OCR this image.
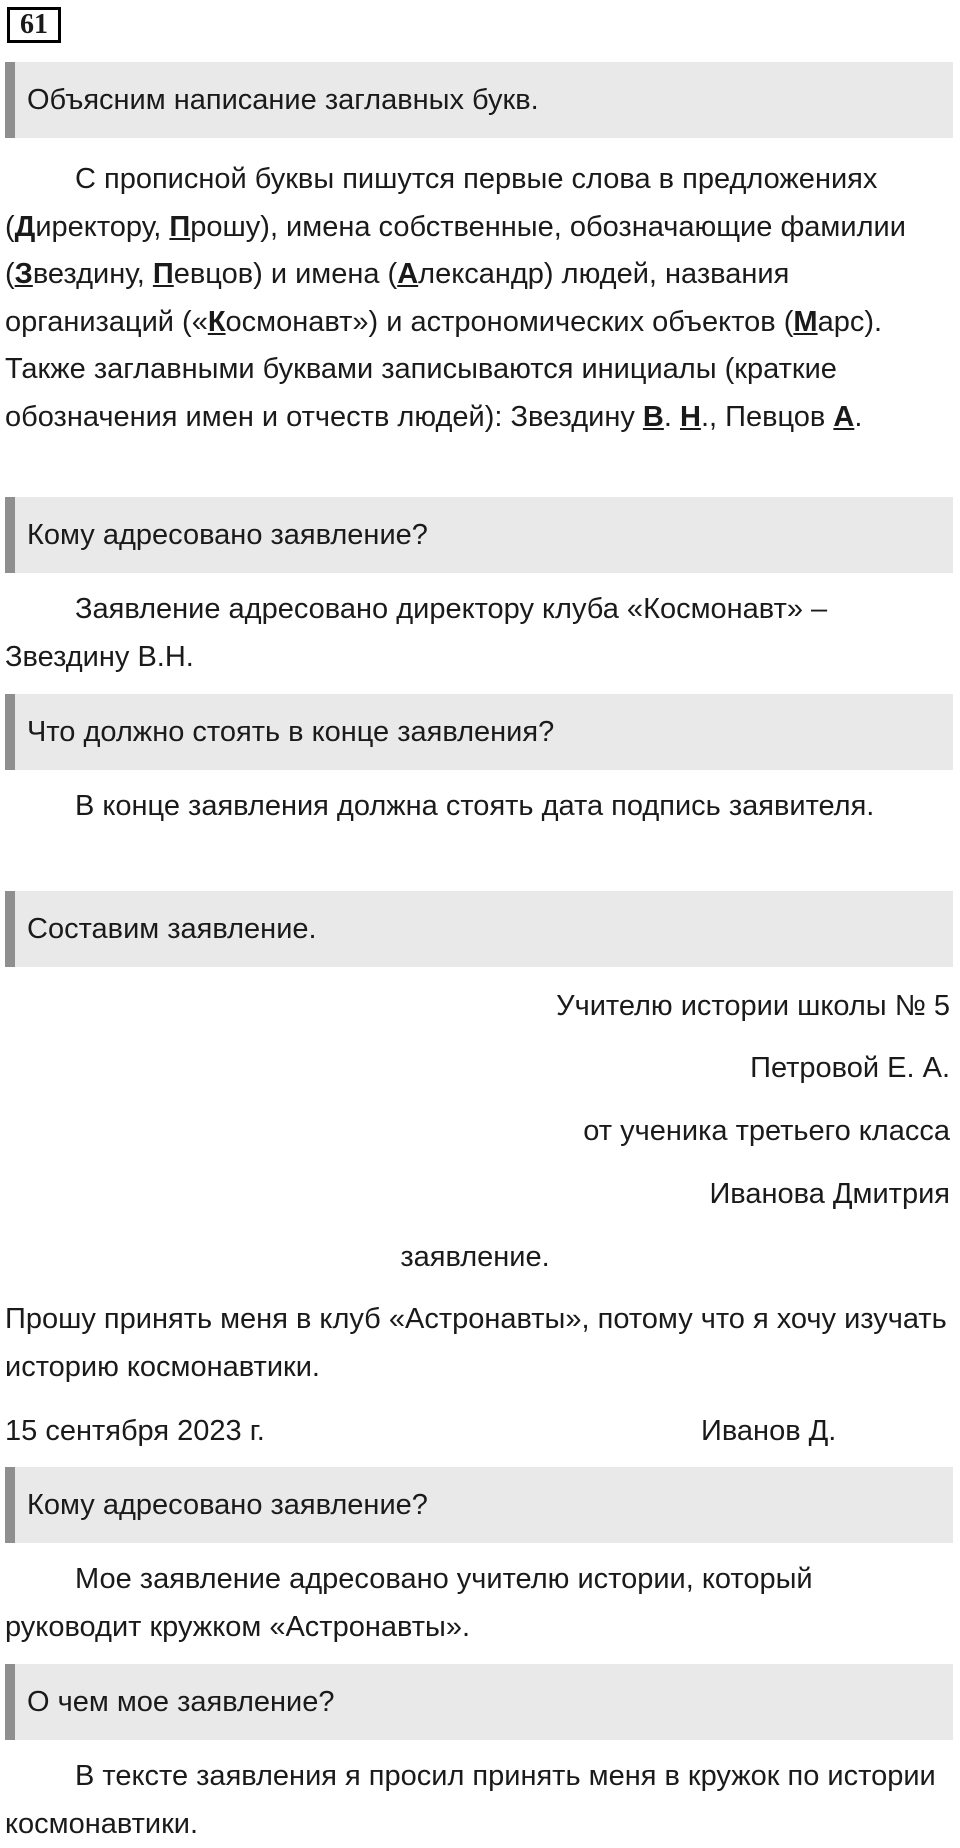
61
Объясним написание заглавных букв.

С прописной буквы пишутся первые слова в предложениях (Директору, Прошу), имена собственные, обозначающие фамилии (Звездину, Певцов) и имена (Александр) людей, названия организаций («Космонавт») и астрономических объектов (Марс). Также заглавными буквами записываются инициалы (краткие обозначения имен и отчеств людей): Звездину В. Н., Певцов А.

Кому адресовано заявление?

Заявление адресовано директору клуба «Космонавт» – Звездину В.Н.

Что должно стоять в конце заявления?

В конце заявления должна стоять дата подпись заявителя.

Составим заявление.
Учителю истории школы № 5
Петровой Е. А.
от ученика третьего класса
Иванова Дмитрия
заявление.

Прошу принять меня в клуб «Астронавты», потому что я хочу изучать историю космонавтики.

15 сентября 2023 г.	Иванов Д.
Кому адресовано заявление?

Мое заявление адресовано учителю истории, который руководит кружком «Астронавты».

О чем мое заявление?

В тексте заявления я просил принять меня в кружок по истории космонавтики.
